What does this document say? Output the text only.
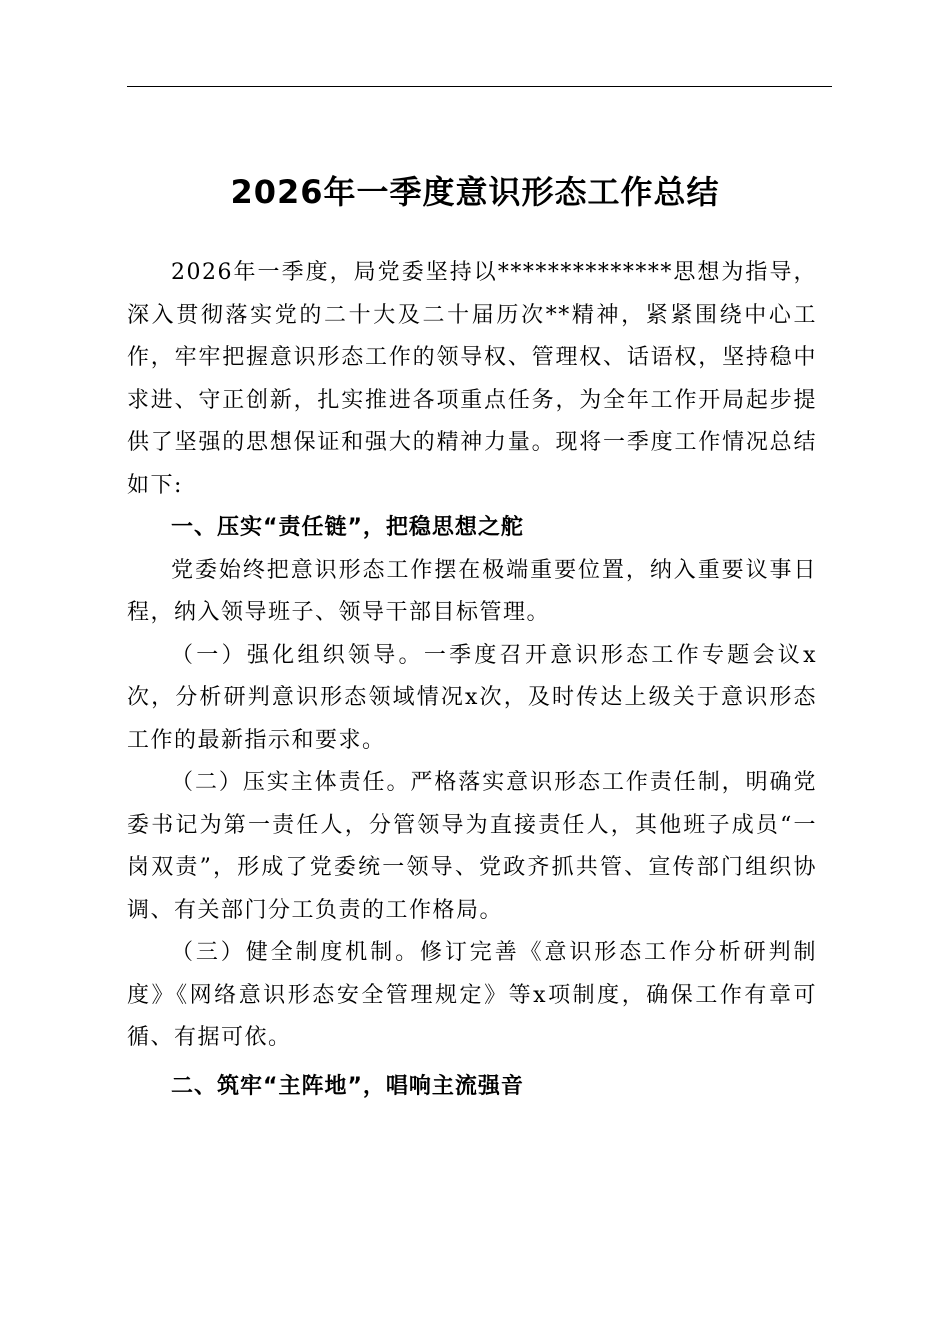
2026年一季度意识形态工作总结

2026年一季度，局党委坚持以**************思想为指导，深入贯彻落实党的二十大及二十届历次**精神，紧紧围绕中心工作，牢牢把握意识形态工作的领导权、管理权、话语权，坚持稳中求进、守正创新，扎实推进各项重点任务，为全年工作开局起步提供了坚强的思想保证和强大的精神力量。现将一季度工作情况总结如下:

一、压实“责任链”，把稳思想之舵

党委始终把意识形态工作摆在极端重要位置，纳入重要议事日程，纳入领导班子、领导干部目标管理。

（一）强化组织领导。一季度召开意识形态工作专题会议x次，分析研判意识形态领域情况x次，及时传达上级关于意识形态工作的最新指示和要求。

（二）压实主体责任。严格落实意识形态工作责任制，明确党委书记为第一责任人，分管领导为直接责任人，其他班子成员“一岗双责”，形成了党委统一领导、党政齐抓共管、宣传部门组织协调、有关部门分工负责的工作格局。

（三）健全制度机制。修订完善《意识形态工作分析研判制度》《网络意识形态安全管理规定》等x项制度，确保工作有章可循、有据可依。

二、筑牢“主阵地”，唱响主流强音
